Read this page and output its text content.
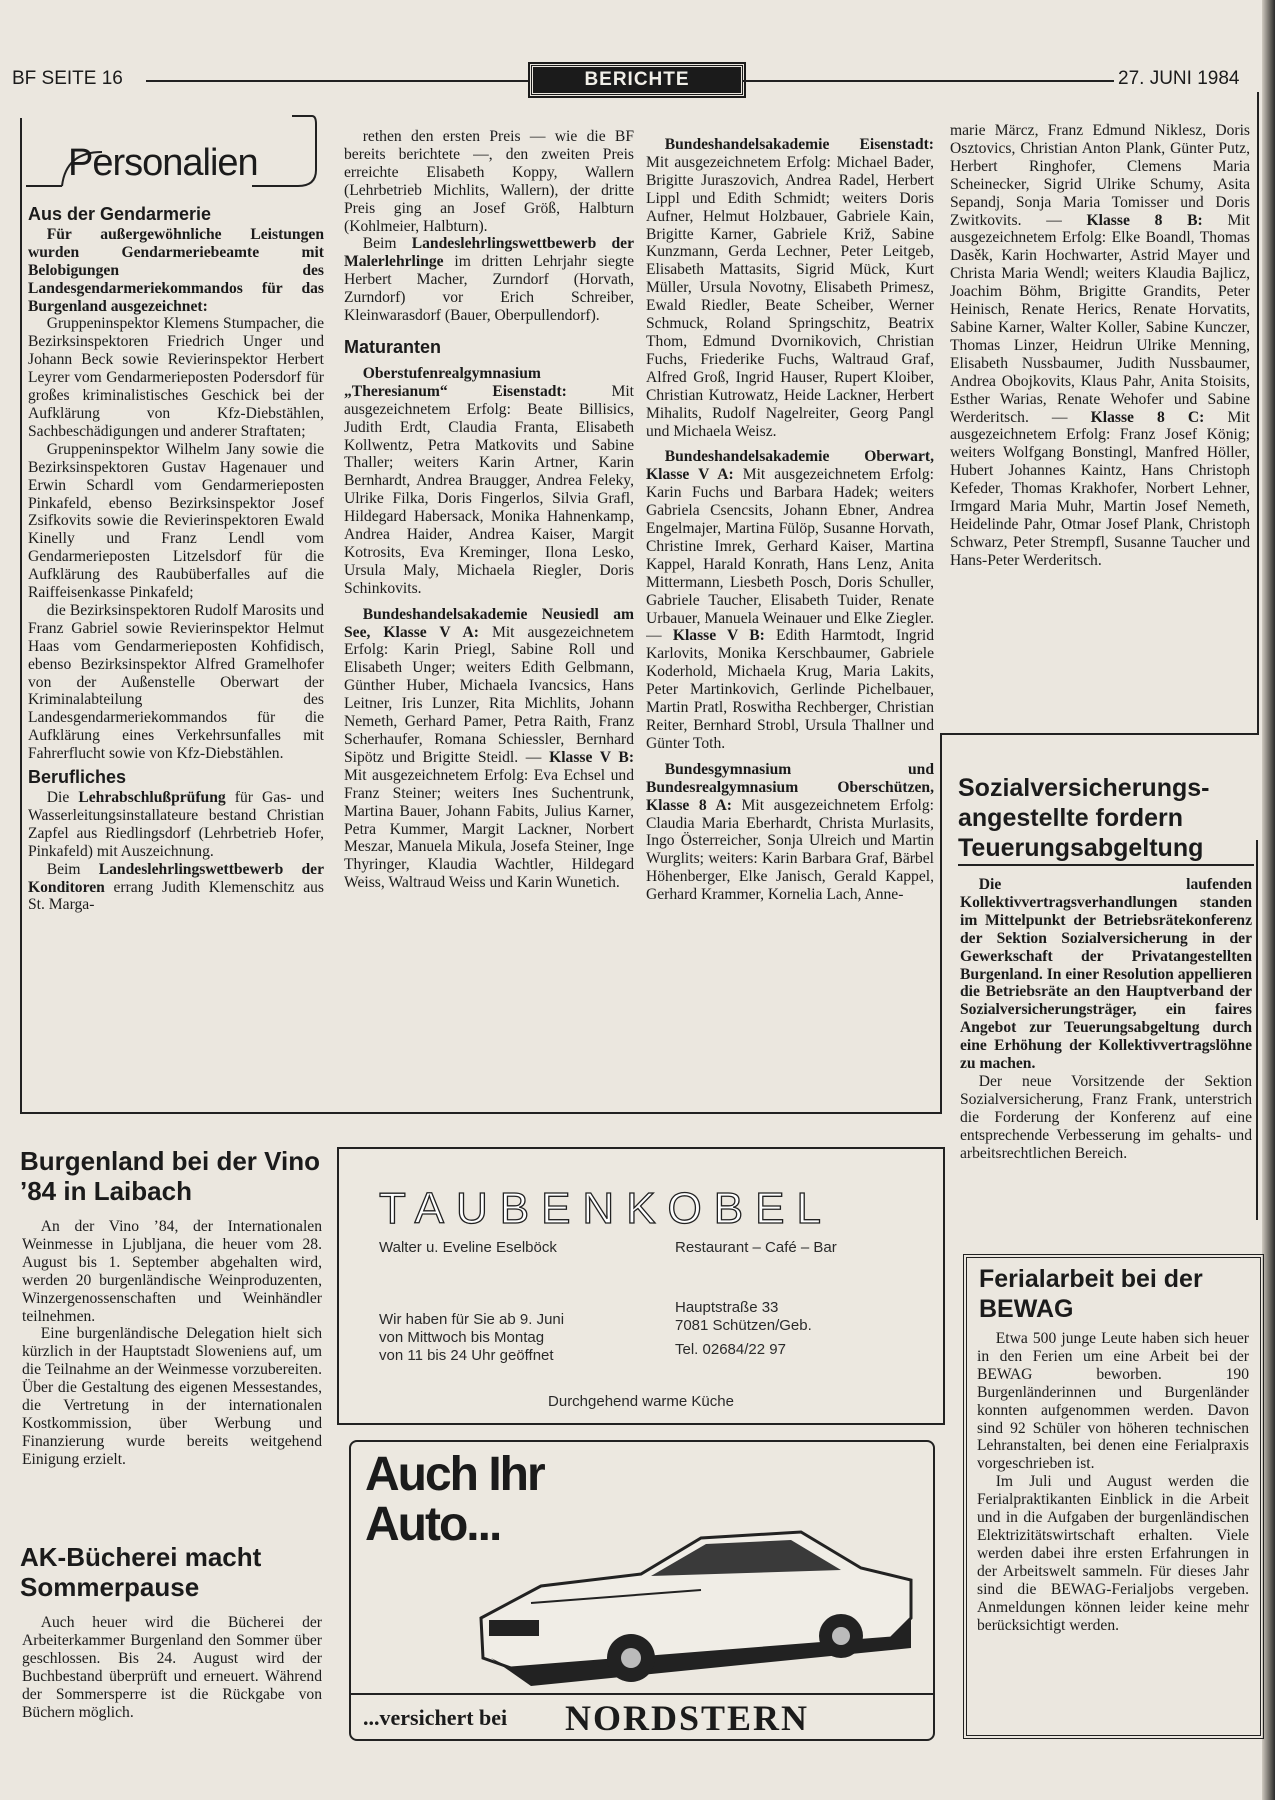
BF SEITE 16	BERICHTE	27. JUNI 1984
Personalien

Aus der Gendarmerie

Für außergewöhnliche Leistungen wurden Gendarmeriebeamte mit Belobigungen des Landesgendarmeriekommandos für das Burgenland ausgezeichnet:

Gruppeninspektor Klemens Stumpacher, die Bezirksinspektoren Friedrich Unger und Johann Beck sowie Revierinspektor Herbert Leyrer vom Gendarmerieposten Podersdorf für großes kriminalistisches Geschick bei der Aufklärung von Kfz-Diebstählen, Sachbeschädigungen und anderer Straftaten;

Gruppeninspektor Wilhelm Jany sowie die Bezirksinspektoren Gustav Hagenauer und Erwin Schardl vom Gendarmerieposten Pinkafeld, ebenso Bezirksinspektor Josef Zsifkovits sowie die Revierinspektoren Ewald Kinelly und Franz Lendl vom Gendarmerieposten Litzelsdorf für die Aufklärung des Raubüberfalles auf die Raiffeisenkasse Pinkafeld;

die Bezirksinspektoren Rudolf Marosits und Franz Gabriel sowie Revierinspektor Helmut Haas vom Gendarmerieposten Kohfidisch, ebenso Bezirksinspektor Alfred Gramelhofer von der Außenstelle Oberwart der Kriminalabteilung des Landesgendarmeriekommandos für die Aufklärung eines Verkehrsunfalles mit Fahrerflucht sowie von Kfz-Diebstählen.

Berufliches

Die Lehrabschlußprüfung für Gas- und Wasserleitungsinstallateure bestand Christian Zapfel aus Riedlingsdorf (Lehrbetrieb Hofer, Pinkafeld) mit Auszeichnung.

Beim Landeslehrlingswettbewerb der Konditoren errang Judith Klemenschitz aus St. Marga-

rethen den ersten Preis — wie die BF bereits berichtete —, den zweiten Preis erreichte Elisabeth Koppy, Wallern (Lehrbetrieb Michlits, Wallern), der dritte Preis ging an Josef Größ, Halbturn (Kohlmeier, Halbturn).

Beim Landeslehrlingswettbewerb der Malerlehrlinge im dritten Lehrjahr siegte Herbert Macher, Zurndorf (Horvath, Zurndorf) vor Erich Schreiber, Kleinwarasdorf (Bauer, Oberpullendorf).

Maturanten

Oberstufenrealgymnasium „Theresianum“ Eisenstadt: Mit ausgezeichnetem Erfolg: Beate Billisics, Judith Erdt, Claudia Franta, Elisabeth Kollwentz, Petra Matkovits und Sabine Thaller; weiters Karin Artner, Karin Bernhardt, Andrea Braugger, Andrea Feleky, Ulrike Filka, Doris Fingerlos, Silvia Grafl, Hildegard Habersack, Monika Hahnenkamp, Andrea Haider, Andrea Kaiser, Margit Kotrosits, Eva Kreminger, Ilona Lesko, Ursula Maly, Michaela Riegler, Doris Schinkovits.

Bundeshandelsakademie Neusiedl am See, Klasse V A: Mit ausgezeichnetem Erfolg: Karin Priegl, Sabine Roll und Elisabeth Unger; weiters Edith Gelbmann, Günther Huber, Michaela Ivancsics, Hans Leitner, Iris Lunzer, Rita Michlits, Johann Nemeth, Gerhard Pamer, Petra Raith, Franz Scherhaufer, Romana Schiessler, Bernhard Sipötz und Brigitte Steidl. — Klasse V B: Mit ausgezeichnetem Erfolg: Eva Echsel und Franz Steiner; weiters Ines Suchentrunk, Martina Bauer, Johann Fabits, Julius Karner, Petra Kummer, Margit Lackner, Norbert Meszar, Manuela Mikula, Josefa Steiner, Inge Thyringer, Klaudia Wachtler, Hildegard Weiss, Waltraud Weiss und Karin Wunetich.

Bundeshandelsakademie Eisenstadt: Mit ausgezeichnetem Erfolg: Michael Bader, Brigitte Juraszovich, Andrea Radel, Herbert Lippl und Edith Schmidt; weiters Doris Aufner, Helmut Holzbauer, Gabriele Kain, Brigitte Karner, Gabriele Križ, Sabine Kunzmann, Gerda Lechner, Peter Leitgeb, Elisabeth Mattasits, Sigrid Mück, Kurt Müller, Ursula Novotny, Elisabeth Primesz, Ewald Riedler, Beate Scheiber, Werner Schmuck, Roland Springschitz, Beatrix Thom, Edmund Dvornikovich, Christian Fuchs, Friederike Fuchs, Waltraud Graf, Alfred Groß, Ingrid Hauser, Rupert Kloiber, Christian Kutrowatz, Heide Lackner, Herbert Mihalits, Rudolf Nagelreiter, Georg Pangl und Michaela Weisz.

Bundeshandelsakademie Oberwart, Klasse V A: Mit ausgezeichnetem Erfolg: Karin Fuchs und Barbara Hadek; weiters Gabriela Csencsits, Johann Ebner, Andrea Engelmajer, Martina Fülöp, Susanne Horvath, Christine Imrek, Gerhard Kaiser, Martina Kappel, Harald Konrath, Hans Lenz, Anita Mittermann, Liesbeth Posch, Doris Schuller, Gabriele Taucher, Elisabeth Tuider, Renate Urbauer, Manuela Weinauer und Elke Ziegler. — Klasse V B: Edith Harmtodt, Ingrid Karlovits, Monika Kerschbaumer, Gabriele Koderhold, Michaela Krug, Maria Lakits, Peter Martinkovich, Gerlinde Pichelbauer, Martin Pratl, Roswitha Rechberger, Christian Reiter, Bernhard Strobl, Ursula Thallner und Günter Toth.

Bundesgymnasium und Bundesrealgymnasium Oberschützen, Klasse 8 A: Mit ausgezeichnetem Erfolg: Claudia Maria Eberhardt, Christa Murlasits, Ingo Österreicher, Sonja Ulreich und Martin Wurglits; weiters: Karin Barbara Graf, Bärbel Höhenberger, Elke Janisch, Gerald Kappel, Gerhard Krammer, Kornelia Lach, Anne-

marie Märcz, Franz Edmund Niklesz, Doris Osztovics, Christian Anton Plank, Günter Putz, Herbert Ringhofer, Clemens Maria Scheinecker, Sigrid Ulrike Schumy, Asita Sepandj, Sonja Maria Tomisser und Doris Zwitkovits. — Klasse 8 B: Mit ausgezeichnetem Erfolg: Elke Boandl, Thomas Dasěk, Karin Hochwarter, Astrid Mayer und Christa Maria Wendl; weiters Klaudia Bajlicz, Joachim Böhm, Brigitte Grandits, Peter Heinisch, Renate Herics, Renate Horvatits, Sabine Karner, Walter Koller, Sabine Kunczer, Thomas Linzer, Heidrun Ulrike Menning, Elisabeth Nussbaumer, Judith Nussbaumer, Andrea Obojkovits, Klaus Pahr, Anita Stoisits, Esther Warias, Renate Wehofer und Sabine Werderitsch. — Klasse 8 C: Mit ausgezeichnetem Erfolg: Franz Josef König; weiters Wolfgang Bonstingl, Manfred Höller, Hubert Johannes Kaintz, Hans Christoph Kefeder, Thomas Krakhofer, Norbert Lehner, Irmgard Maria Muhr, Martin Josef Nemeth, Heidelinde Pahr, Otmar Josef Plank, Christoph Schwarz, Peter Strempfl, Susanne Taucher und Hans-Peter Werderitsch.

Sozialversicherungs-angestellte fordern Teuerungsabgeltung

Die laufenden Kollektivvertragsverhandlungen standen im Mittelpunkt der Betriebsrätekonferenz der Sektion Sozialversicherung in der Gewerkschaft der Privatangestellten Burgenland. In einer Resolution appellieren die Betriebsräte an den Hauptverband der Sozialversicherungsträger, ein faires Angebot zur Teuerungsabgeltung durch eine Erhöhung der Kollektivvertragslöhne zu machen.

Der neue Vorsitzende der Sektion Sozialversicherung, Franz Frank, unterstrich die Forderung der Konferenz auf eine entsprechende Verbesserung im gehalts- und arbeitsrechtlichen Bereich.

Burgenland bei der Vino ’84 in Laibach

An der Vino ’84, der Internationalen Weinmesse in Ljubljana, die heuer vom 28. August bis 1. September abgehalten wird, werden 20 burgenländische Weinproduzenten, Winzergenossenschaften und Weinhändler teilnehmen.

Eine burgenländische Delegation hielt sich kürzlich in der Hauptstadt Sloweniens auf, um die Teilnahme an der Weinmesse vorzubereiten. Über die Gestaltung des eigenen Messestandes, die Vertretung in der internationalen Kostkommission, über Werbung und Finanzierung wurde bereits weitgehend Einigung erzielt.

AK-Bücherei macht Sommerpause

Auch heuer wird die Bücherei der Arbeiterkammer Burgenland den Sommer über geschlossen. Bis 24. August wird der Buchbestand überprüft und erneuert. Während der Sommersperre ist die Rückgabe von Büchern möglich.

TAUBENKOBEL
Walter u. Eveline Eselböck	Restaurant – Café – Bar
Wir haben für Sie ab 9. Juni
von Mittwoch bis Montag
von 11 bis 24 Uhr geöffnet
Hauptstraße 33
7081 Schützen/Geb.
Tel. 02684/22 97
Durchgehend warme Küche
Auch Ihr
Auto...
...versichert bei NORDSTERN
Ferialarbeit bei der BEWAG

Etwa 500 junge Leute haben sich heuer in den Ferien um eine Arbeit bei der BEWAG beworben. 190 Burgenländerinnen und Burgenländer konnten aufgenommen werden. Davon sind 92 Schüler von höheren technischen Lehranstalten, bei denen eine Ferialpraxis vorgeschrieben ist.

Im Juli und August werden die Ferialpraktikanten Einblick in die Arbeit und in die Aufgaben der burgenländischen Elektrizitätswirtschaft erhalten. Viele werden dabei ihre ersten Erfahrungen in der Arbeitswelt sammeln. Für dieses Jahr sind die BEWAG-Ferialjobs vergeben. Anmeldungen können leider keine mehr berücksichtigt werden.
